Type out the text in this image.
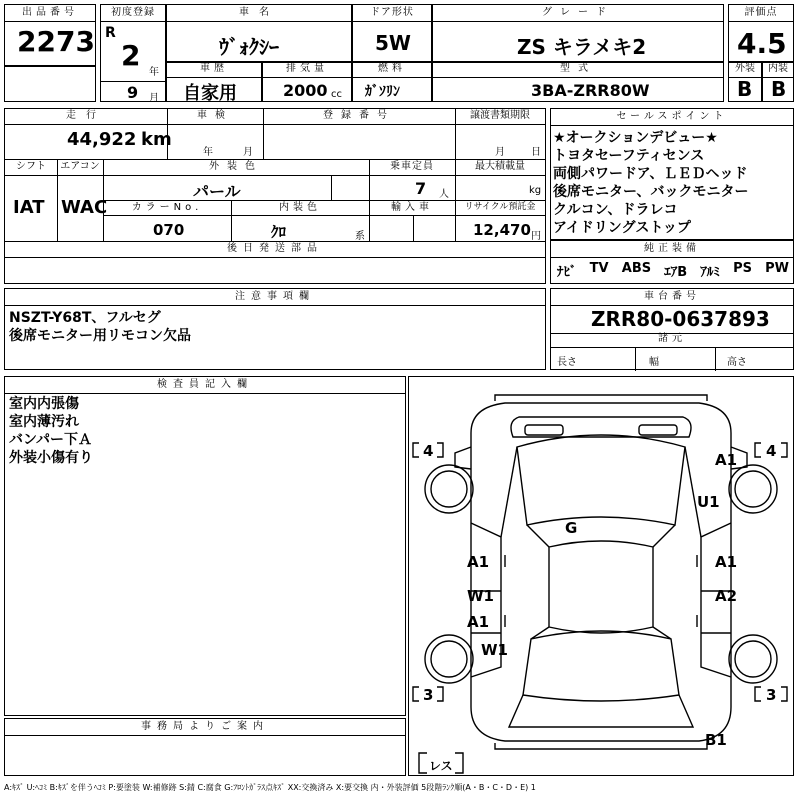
出品番号
2273
初度登録
R
2
年
9 月
車名
ｳﾞｫｸｼｰ
ドア形状
5W
グレード
ZS キラメキ2
評価点
4.5
車歴
自家用
排気量
2000 cc
燃料
ｶﾞｿﾘﾝ
型式
3BA-ZRR80W
外装
B
内装
B
走行
44,922 km
車検
年	月
登録番号	譲渡書類期限
月	日
シフト
IAT
エアコン
WAC
外装色
パール
乗車定員
7 人
最大積載量
kg
カラーNo.
070
内装色
ｸﾛ	系
輸入車	リサイクル預託金
12,470 円
後日発送部品
セールスポイント
★オークションデビュー★
トヨタセーフティセンス
両側パワードア、ＬＥＤヘッド
後席モニター、バックモニター
クルコン、ドラレコ
アイドリングストップ
純正装備
ﾅﾋﾞ TV ABS ｴｱB ｱﾙﾐ PS PW
注意事項欄
NSZT-Y68T、フルセグ
後席モニター用リモコン欠品
車台番号
ZRR80-0637893
諸元
長さ	幅	高さ
検査員記入欄
室内内張傷
室内薄汚れ
バンパー下Ａ
外装小傷有り
事務局よりご案内
4	4
3	3
レス
A1
U1
G
A1	A1
W1	A2
A1
W1
B1
A:ｷｽﾞ U:ﾍｺﾐ B:ｷｽﾞを伴うﾍｺﾐ P:要塗装 W:補修跡 S:錆 C:腐食 G:ﾌﾛﾝﾄｶﾞﾗｽ点ｷｽﾞ XX:交換済み X:要交換 内・外装評価 5段階ﾗﾝｸ順(A・B・C・D・E) 1
